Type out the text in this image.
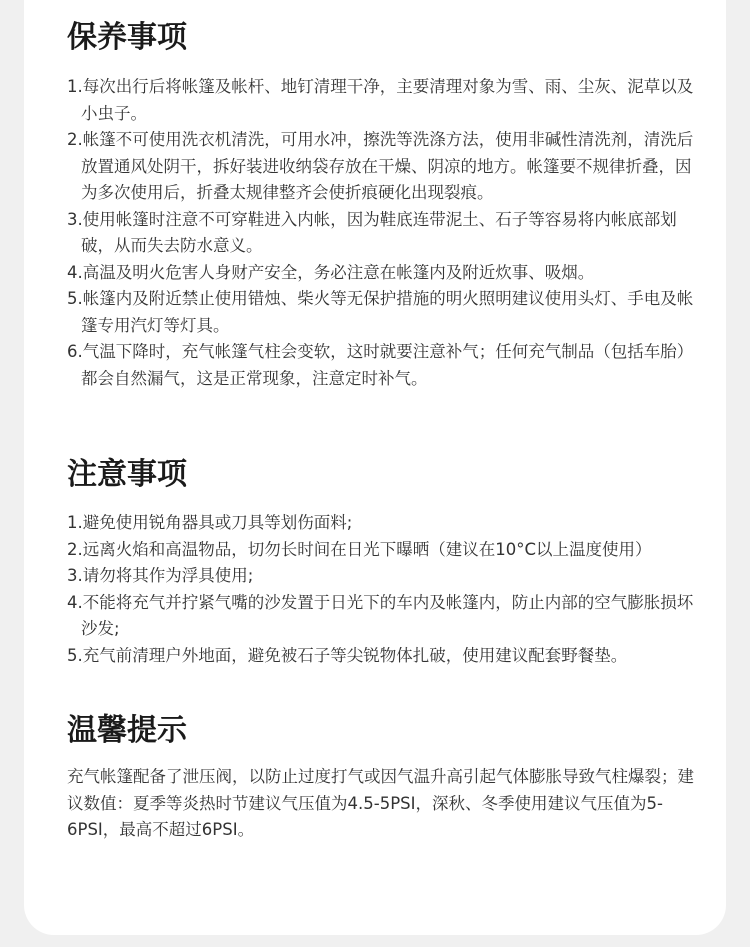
保养事项
1.每次出行后将帐篷及帐杆、地钉清理干净，主要清理对象为雪、雨、尘灰、泥草以及小虫子。
2.帐篷不可使用洗衣机清洗，可用水冲，擦洗等洗涤方法，使用非碱性清洗剂，清洗后放置通风处阴干，拆好装进收纳袋存放在干燥、阴凉的地方。帐篷要不规律折叠，因为多次使用后，折叠太规律整齐会使折痕硬化出现裂痕。
3.使用帐篷时注意不可穿鞋进入内帐，因为鞋底连带泥土、石子等容易将内帐底部划破，从而失去防水意义。
4.高温及明火危害人身财产安全，务必注意在帐篷内及附近炊事、吸烟。
5.帐篷内及附近禁止使用错烛、柴火等无保护措施的明火照明建议使用头灯、手电及帐篷专用汽灯等灯具。
6.气温下降时，充气帐篷气柱会变软，这时就要注意补气；任何充气制品（包括车胎）都会自然漏气，这是正常现象，注意定时补气。
注意事项
1.避免使用锐角器具或刀具等划伤面料;
2.远离火焰和高温物品，切勿长时间在日光下曝晒（建议在10°C以上温度使用）
3.请勿将其作为浮具使用;
4.不能将充气并拧紧气嘴的沙发置于日光下的车内及帐篷内，防止内部的空气膨胀损坏沙发;
5.充气前清理户外地面，避免被石子等尖锐物体扎破，使用建议配套野餐垫。
温馨提示

充气帐篷配备了泄压阀，以防止过度打气或因气温升高引起气体膨胀导致气柱爆裂；建议数值：夏季等炎热时节建议气压值为4.5-5PSI，深秋、冬季使用建议气压值为5-6PSI，最高不超过6PSI。
